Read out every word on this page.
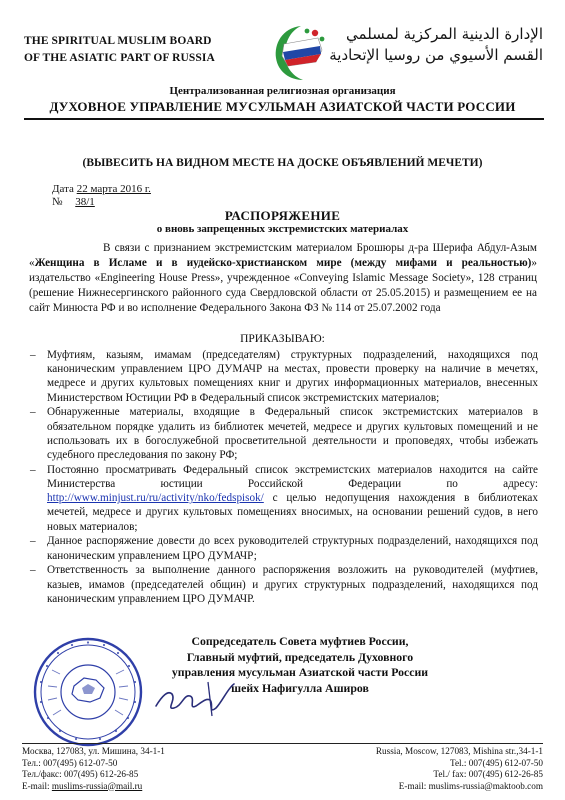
THE SPIRITUAL MUSLIM BOARD
OF THE ASIATIC PART OF RUSSIA
الإدارة الدينية المركزية لمسلمي
القسم الأسيوي من روسيا الإتحادية
Централизованная религиозная организация
ДУХОВНОЕ УПРАВЛЕНИЕ МУСУЛЬМАН АЗИАТСКОЙ ЧАСТИ РОССИИ
(ВЫВЕСИТЬ НА ВИДНОМ МЕСТЕ НА ДОСКЕ ОБЪЯВЛЕНИЙ МЕЧЕТИ)
Дата 22 марта 2016 г.
№ 38/1
РАСПОРЯЖЕНИЕ
о вновь запрещенных экстремистских материалах
В связи с признанием экстремистским материалом Брошюры д-ра Шерифа Абдул-Азым «Женщина в Исламе и в иудейско-христианском мире (между мифами и реальностью)» издательство «Engineering House Press», учрежденное «Conveying Islamic Message Society», 128 страниц (решение Нижнесергинского районного суда Свердловской области от 25.05.2015) и размещением ее на сайт Минюста РФ и во исполнение Федерального Закона ФЗ № 114 от 25.07.2002 года
ПРИКАЗЫВАЮ:
– Муфтиям, казыям, имамам (председателям) структурных подразделений, находящихся под каноническим управлением ЦРО ДУМАЧР на местах, провести проверку на наличие в мечетях, медресе и других культовых помещениях книг и других информационных материалов, внесенных Министерством Юстиции РФ в Федеральный список экстремистских материалов;
– Обнаруженные материалы, входящие в Федеральный список экстремистских материалов в обязательном порядке удалить из библиотек мечетей, медресе и других культовых помещений и не использовать их в богослужебной просветительной деятельности и проповедях, чтобы избежать судебного преследования по закону РФ;
– Постоянно просматривать Федеральный список экстремистских материалов находится на сайте Министерства юстиции Российской Федерации по адресу: http://www.minjust.ru/ru/activity/nko/fedspisok/ с целью недопущения нахождения в библиотеках мечетей, медресе и других культовых помещениях вносимых, на основании решений судов, в него новых материалов;
– Данное распоряжение довести до всех руководителей структурных подразделений, находящихся под каноническим управлением ЦРО ДУМАЧР;
– Ответственность за выполнение данного распоряжения возложить на руководителей (муфтиев, казыев, имамов (председателей общин) и других структурных подразделений, находящихся под каноническим управлением ЦРО ДУМАЧР.
Сопредседатель Совета муфтиев России,
Главный муфтий, председатель Духовного
управления мусульман Азиатской части России
шейх Нафигулла Аширов
Москва, 127083, ул. Мишина, 34-1-1
Тел.: 007(495) 612-07-50
Тел./факс: 007(495) 612-26-85
E-mail: muslims-russia@mail.ru
Russia, Moscow, 127083, Mishina str.,34-1-1
Tel.: 007(495) 612-07-50
Tel./ fax: 007(495) 612-26-85
E-mail: muslims-russia@maktoob.com
